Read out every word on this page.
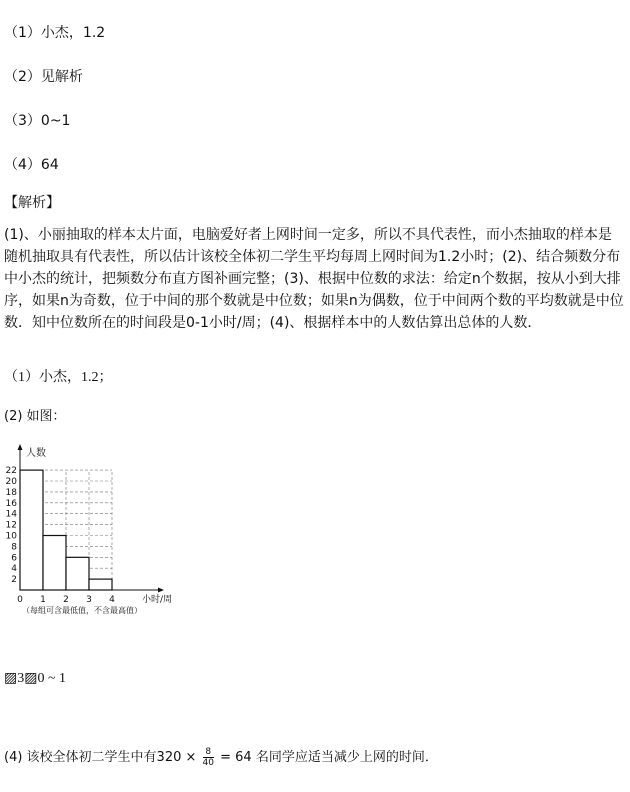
（1）小杰，1.2
（2）见解析
（3）0~1
（4）64
【解析】

(1)、小丽抽取的样本太片面，电脑爱好者上网时间一定多，所以不具代表性，而小杰抽取的样本是随机抽取具有代表性，所以估计该校全体初二学生平均每周上网时间为1.2小时；(2)、结合频数分布中小杰的统计，把频数分布直方图补画完整；(3)、根据中位数的求法：给定n个数据，按从小到大排序，如果n为奇数，位于中间的那个数就是中位数；如果n为偶数，位于中间两个数的平均数就是中位数．知中位数所在的时间段是0-1小时/周；(4)、根据样本中的人数估算出总体的人数．

（1）小杰，1.2；
(2) 如图：
2
4
6
8
10
12
14
16
18
20
22
0 1 2 3 4
人数
小时/周
（每组可含最低值，不含最高值）
▨3▨0 ~ 1
(4) 该校全体初二学生中有$320 \times \frac{8}{40} = 64$ 名同学应适当减少上网的时间．
